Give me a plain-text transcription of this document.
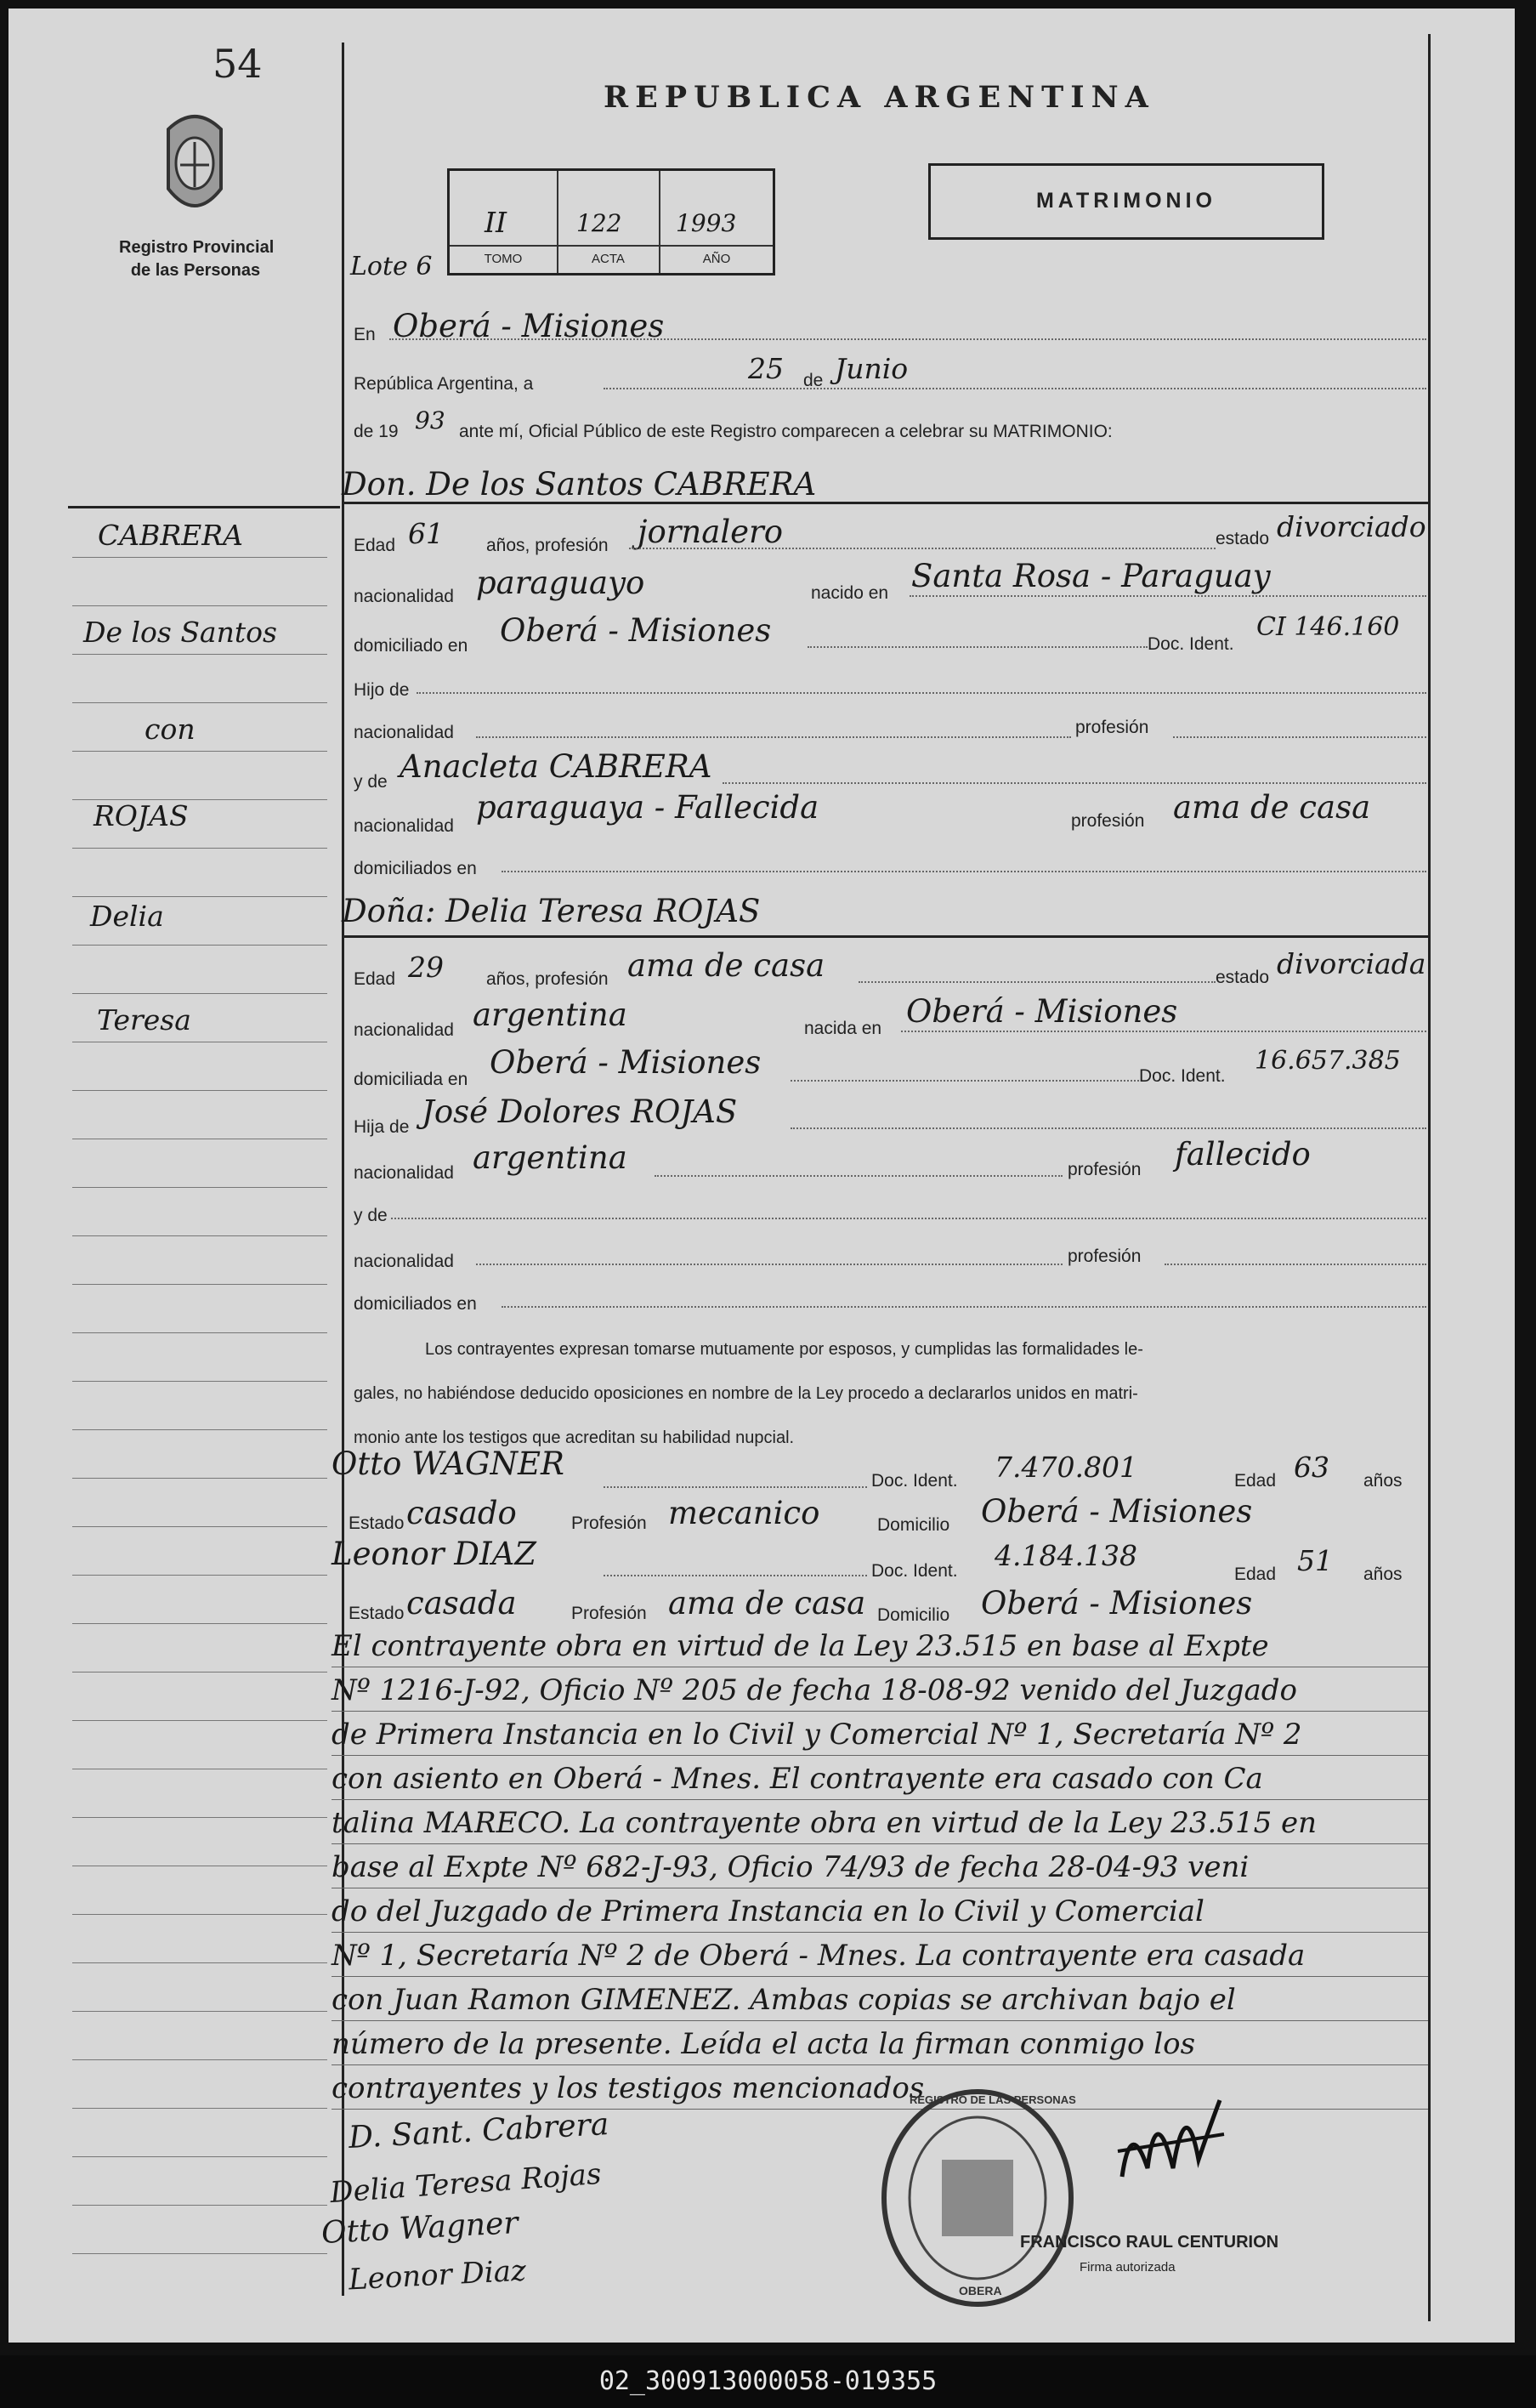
54
Registro Provincial
de las Personas
REPUBLICA ARGENTINA
MATRIMONIO
II	122 1993
TOMO	ACTA	AÑO
Lote 6
CABRERA
De los Santos
con
ROJAS
Delia
Teresa
En Oberá - Misiones
República Argentina, a	25 de Junio
de 19 93 ante mí, Oficial Público de este Registro comparecen a celebrar su MATRIMONIO:
Don. De los Santos CABRERA
Edad 61 años, profesión jornalero	estado divorciado
nacionalidad paraguayo	nacido en Santa Rosa - Paraguay
domiciliado en Oberá - Misiones	Doc. Ident.
CI 146.160
Hijo de
nacionalidad	profesión
y de Anacleta CABRERA
nacionalidad
paraguaya - Fallecida	profesión ama de casa
domiciliados en
Doña: Delia Teresa ROJAS
Edad 29 años, profesión ama de casa	estado divorciada
nacionalidad argentina	nacida en Oberá - Misiones
domiciliada en Oberá - Misiones	Doc. Ident.
16.657.385
Hija de José Dolores ROJAS
nacionalidad argentina	profesión fallecido
y de
nacionalidad	profesión
domiciliados en
Los contrayentes expresan tomarse mutuamente por esposos, y cumplidas las formalidades le-
gales, no habiéndose deducido oposiciones en nombre de la Ley procedo a declararlos unidos en matri-
monio ante los testigos que acreditan su habilidad nupcial.
Otto WAGNER	Doc. Ident. 7.470.801	Edad 63 años
Estado casado	Profesión mecanico	Domicilio Oberá - Misiones
Leonor DIAZ	Doc. Ident. 4.184.138
Edad 51 años
Estado casada	Profesión ama de casa Domicilio Oberá - Misiones
El contrayente obra en virtud de la Ley 23.515 en base al Expte
Nº 1216-J-92, Oficio Nº 205 de fecha 18-08-92 venido del Juzgado
de Primera Instancia en lo Civil y Comercial Nº 1, Secretaría Nº 2
con asiento en Oberá - Mnes. El contrayente era casado con Ca
talina MARECO. La contrayente obra en virtud de la Ley 23.515 en
base al Expte Nº 682-J-93, Oficio 74/93 de fecha 28-04-93 veni
do del Juzgado de Primera Instancia en lo Civil y Comercial
Nº 1, Secretaría Nº 2 de Oberá - Mnes. La contrayente era casada
con Juan Ramon GIMENEZ. Ambas copias se archivan bajo el
número de la presente. Leída el acta la firman conmigo los
contrayentes y los testigos mencionados
D. Sant. Cabrera
Delia Teresa Rojas
Otto Wagner
Leonor Diaz
REGISTRO DE LAS PERSONAS
OBERA
FRANCISCO RAUL CENTURION
Firma autorizada
02_300913000058-019355
